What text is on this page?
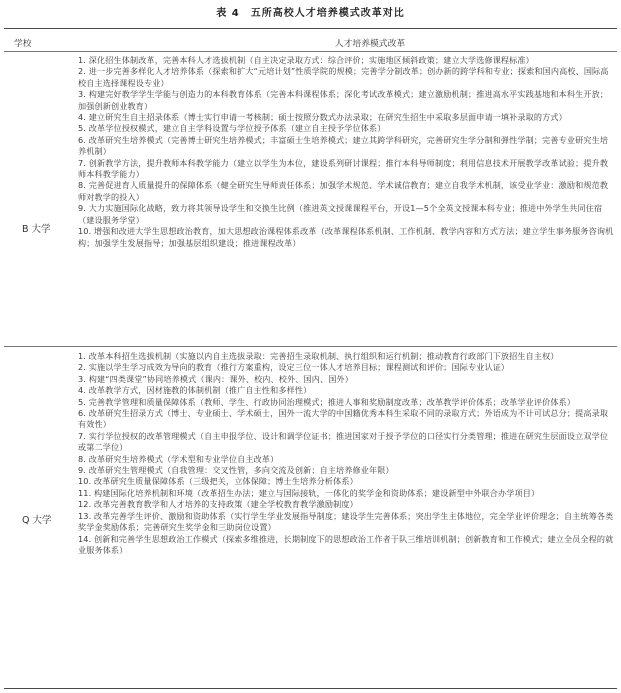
表 4　五所高校人才培养模式改革对比
学校	人才培养模式改革
B 大学
1. 深化招生体制改革，完善本科人才选拔机制（自主决定录取方式：综合评价；实施地区倾斜政策；建立大学选修课程标准）
2. 进一步完善多样化人才培养体系（探索和扩大“元培计划”性质学院的规模；完善学分制改革；创办新的跨学科和专业；探索和国内高校、国际高校自主选择课程设专业）
3. 构建完好教学学生学能与创造力的本科教育体系（完善本科课程体系；深化考试改革模式；建立激励机制；推进高水平实践基地和本科生开放；加强创新创业教育）
4. 建立研究生自主招录体系（博士实行申请一考核制；硕士按照分数式办法录取；在研究生招生中采取多层面申请一填补录取的方式）
5. 改革学位授权模式，建立自主学科设置与学位授予体系（建立自主授予学位体系）
6. 改革研究生培养模式（完善博士研究生培养模式；丰富硕士生培养模式；建立其跨学科研究，完善研究生学分制和弹性学制；完善专业研究生培养机制）
7. 创新教学方法，提升教师本科教学能力（建立以学生为本位，建设系列研讨课程；推行本科导师制度；利用信息技术开展教学改革试验；提升教师本科教学能力）
8. 完善促进育人质量提升的保障体系（健全研究生导师责任体系；加强学术规范、学术诚信教育；建立自我学术机制，该受业学业：激励和规范教师对教学的投入）
9. 大力实施国际化战略，致力将其领导设学生和交换生比例（推进英文授课课程平台，开设1—5个全英文授课本科专业；推进中外学生共同住宿（建设服务学堂）
10. 增强和改进大学生思想政治教育，加大思想政治课程体系改革（改革课程体系机制、工作机制、教学内容和方式方法；建立学生事务服务咨询机构；加强学生发展指导；加强基层组织建设；推进课程改革）
Q 大学
1. 改革本科招生选拔机制（实施以内自主选拔录取：完善招生录取机制、执行组织和运行机制；推动教育行政部门下放招生自主权）
2. 实施以学生学习成效为导向的教育（推行方案重构，设定三位一体人才培养目标；课程测试和评价；国际专业认证）
3. 构建“四类课堂”协同培养模式（课内：课外、校内、校外、国内、国外）
4. 改革教学方式，因材施教的体制机制（推广自主性和多样性）
5. 完善教学管理和质量保障体系（教师、学生、行政协同治理模式；推进人事和奖励制度改革；改革教学评价体系；改革学业评价体系）
6. 改革研究生招录方式（博士、专业硕士、学术硕士，国外一流大学的中国籍优秀本科生采取不同的录取方式；外语成为不计可试总分；提高录取有效性）
7. 实行学位授权的改革管理模式（自主申报学位、设计和调学位证书；推进国家对于授予学位的口径实行分类管理；推进在研究生层面设立双学位或第二学位）
8. 改革研究生培养模式（学术型和专业学位自主改革）
9. 改革研究生管理模式（自我管理：交叉性管，多向交流及创新；自主培养修业年限）
10. 改革研究生质量保障体系（三级把关，立体保障；博士生培养分析体系）
11. 构建国际化培养机制和环境（改革招生办法；建立与国际接轨，一体化的奖学金和资助体系；建设新型中外联合办学项目）
12. 改革完善教育教学和人才培养的支持政策（建全学校教育教学激励制度）
13. 改革完善学生评价、激励和资助体系（实行学生学业发展指导制度；建设学生完善体系；突出学生主体地位，完全学业评价理念；自主统筹各类奖学金奖励体系；完善研究生奖学金和三助岗位设置）
14. 创新和完善学生思想政治工作模式（探索多维推进，长期制度下的思想政治工作者于队三维培训机制；创新教育和工作模式；建立全员全程的就业服务体系）
